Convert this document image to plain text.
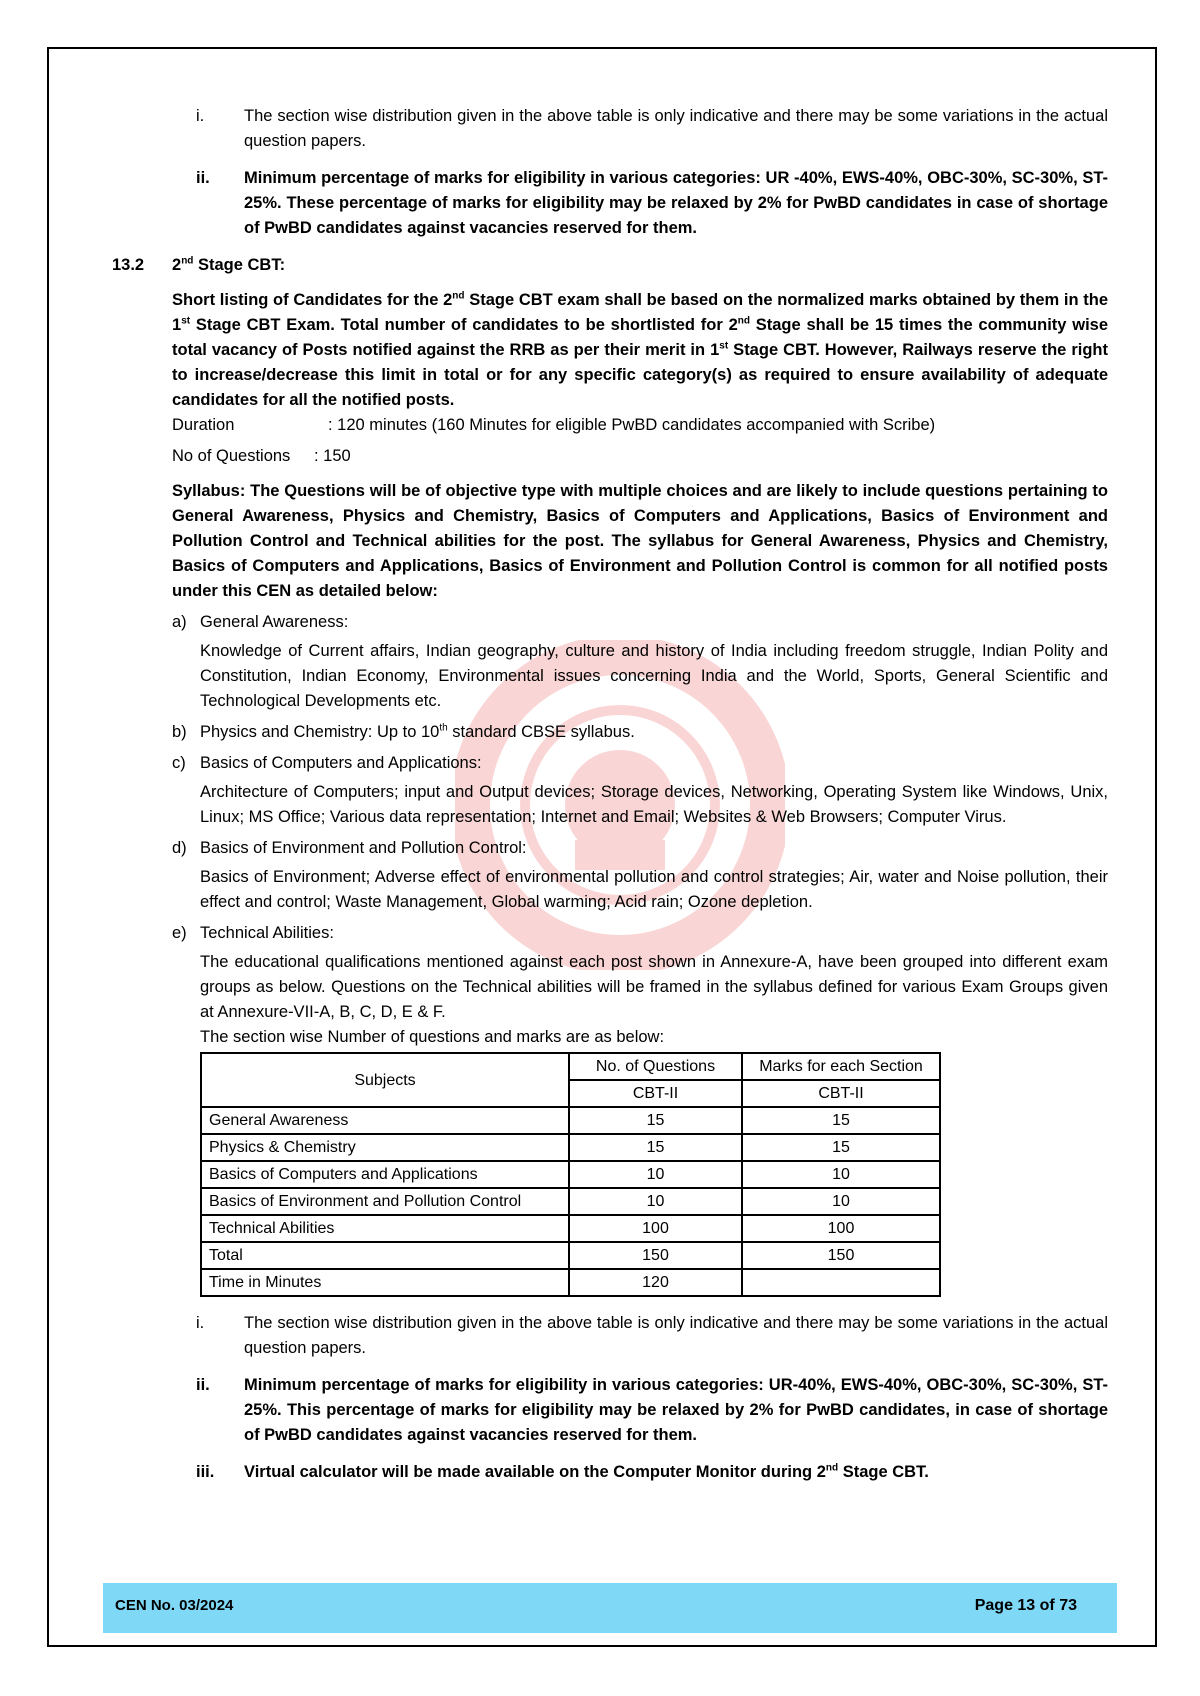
i. The section wise distribution given in the above table is only indicative and there may be some variations in the actual question papers.
ii. Minimum percentage of marks for eligibility in various categories: UR -40%, EWS-40%, OBC-30%, SC-30%, ST-25%. These percentage of marks for eligibility may be relaxed by 2% for PwBD candidates in case of shortage of PwBD candidates against vacancies reserved for them.
13.2 2nd Stage CBT:
Short listing of Candidates for the 2nd Stage CBT exam shall be based on the normalized marks obtained by them in the 1st Stage CBT Exam. Total number of candidates to be shortlisted for 2nd Stage shall be 15 times the community wise total vacancy of Posts notified against the RRB as per their merit in 1st Stage CBT. However, Railways reserve the right to increase/decrease this limit in total or for any specific category(s) as required to ensure availability of adequate candidates for all the notified posts.
Duration	: 120 minutes (160 Minutes for eligible PwBD candidates accompanied with Scribe)
No of Questions	: 150
Syllabus: The Questions will be of objective type with multiple choices and are likely to include questions pertaining to General Awareness, Physics and Chemistry, Basics of Computers and Applications, Basics of Environment and Pollution Control and Technical abilities for the post. The syllabus for General Awareness, Physics and Chemistry, Basics of Computers and Applications, Basics of Environment and Pollution Control is common for all notified posts under this CEN as detailed below:
a) General Awareness:
Knowledge of Current affairs, Indian geography, culture and history of India including freedom struggle, Indian Polity and Constitution, Indian Economy, Environmental issues concerning India and the World, Sports, General Scientific and Technological Developments etc.
b) Physics and Chemistry: Up to 10th standard CBSE syllabus.
c) Basics of Computers and Applications:
Architecture of Computers; input and Output devices; Storage devices, Networking, Operating System like Windows, Unix, Linux; MS Office; Various data representation; Internet and Email; Websites & Web Browsers; Computer Virus.
d) Basics of Environment and Pollution Control:
Basics of Environment; Adverse effect of environmental pollution and control strategies; Air, water and Noise pollution, their effect and control; Waste Management, Global warming; Acid rain; Ozone depletion.
e) Technical Abilities:
The educational qualifications mentioned against each post shown in Annexure-A, have been grouped into different exam groups as below. Questions on the Technical abilities will be framed in the syllabus defined for various Exam Groups given at Annexure-VII-A, B, C, D, E & F.
The section wise Number of questions and marks are as below:
Subjects	No. of Questions	Marks for each Section
	CBT-II	CBT-II
General Awareness	15	15
Physics & Chemistry	15	15
Basics of Computers and Applications	10	10
Basics of Environment and Pollution Control	10	10
Technical Abilities	100	100
Total	150	150
Time in Minutes	120	
i. The section wise distribution given in the above table is only indicative and there may be some variations in the actual question papers.
ii. Minimum percentage of marks for eligibility in various categories: UR-40%, EWS-40%, OBC-30%, SC-30%, ST-25%. This percentage of marks for eligibility may be relaxed by 2% for PwBD candidates, in case of shortage of PwBD candidates against vacancies reserved for them.
iii. Virtual calculator will be made available on the Computer Monitor during 2nd Stage CBT.
CEN No. 03/2024	Page 13 of 73
